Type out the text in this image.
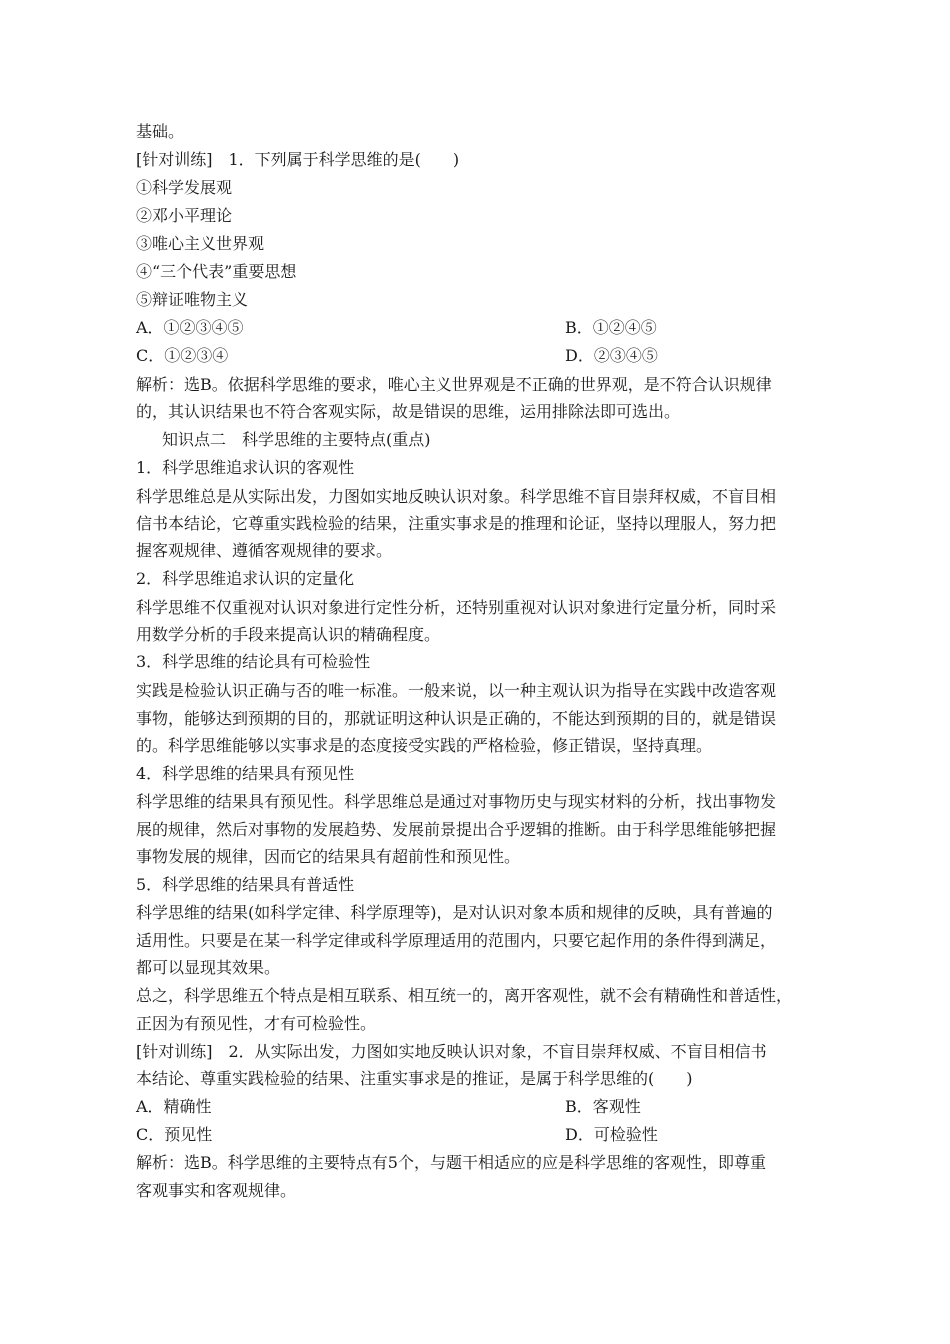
基础。
[针对训练]　1．下列属于科学思维的是(　　)
①科学发展观
②邓小平理论
③唯心主义世界观
④“三个代表”重要思想
⑤辩证唯物主义
A．①②③④⑤	B．①②④⑤
C．①②③④	D．②③④⑤
解析：选B。依据科学思维的要求，唯心主义世界观是不正确的世界观，是不符合认识规律
的，其认识结果也不符合客观实际，故是错误的思维，运用排除法即可选出。
知识点二　科学思维的主要特点(重点)
1．科学思维追求认识的客观性
科学思维总是从实际出发，力图如实地反映认识对象。科学思维不盲目崇拜权威，不盲目相
信书本结论，它尊重实践检验的结果，注重实事求是的推理和论证，坚持以理服人，努力把
握客观规律、遵循客观规律的要求。
2．科学思维追求认识的定量化
科学思维不仅重视对认识对象进行定性分析，还特别重视对认识对象进行定量分析，同时采
用数学分析的手段来提高认识的精确程度。
3．科学思维的结论具有可检验性
实践是检验认识正确与否的唯一标准。一般来说，以一种主观认识为指导在实践中改造客观
事物，能够达到预期的目的，那就证明这种认识是正确的，不能达到预期的目的，就是错误
的。科学思维能够以实事求是的态度接受实践的严格检验，修正错误，坚持真理。
4．科学思维的结果具有预见性
科学思维的结果具有预见性。科学思维总是通过对事物历史与现实材料的分析，找出事物发
展的规律，然后对事物的发展趋势、发展前景提出合乎逻辑的推断。由于科学思维能够把握
事物发展的规律，因而它的结果具有超前性和预见性。
5．科学思维的结果具有普适性
科学思维的结果(如科学定律、科学原理等)，是对认识对象本质和规律的反映，具有普遍的
适用性。只要是在某一科学定律或科学原理适用的范围内，只要它起作用的条件得到满足，
都可以显现其效果。
总之，科学思维五个特点是相互联系、相互统一的，离开客观性，就不会有精确性和普适性，
正因为有预见性，才有可检验性。
[针对训练]　2．从实际出发，力图如实地反映认识对象，不盲目崇拜权威、不盲目相信书
本结论、尊重实践检验的结果、注重实事求是的推证，是属于科学思维的(　　)
A．精确性	B．客观性
C．预见性	D．可检验性
解析：选B。科学思维的主要特点有5个，与题干相适应的应是科学思维的客观性，即尊重
客观事实和客观规律。
